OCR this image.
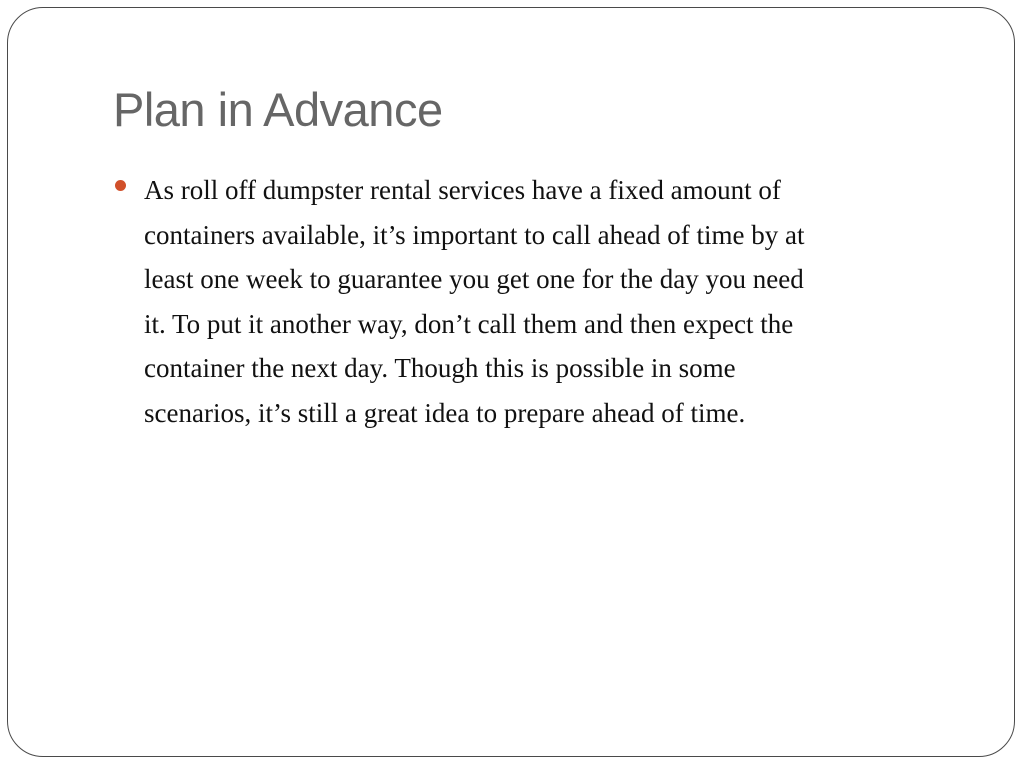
Plan in Advance
As roll off dumpster rental services have a fixed amount of
containers available, it’s important to call ahead of time by at
least one week to guarantee you get one for the day you need
it. To put it another way, don’t call them and then expect the
container the next day. Though this is possible in some
scenarios, it’s still a great idea to prepare ahead of time.
